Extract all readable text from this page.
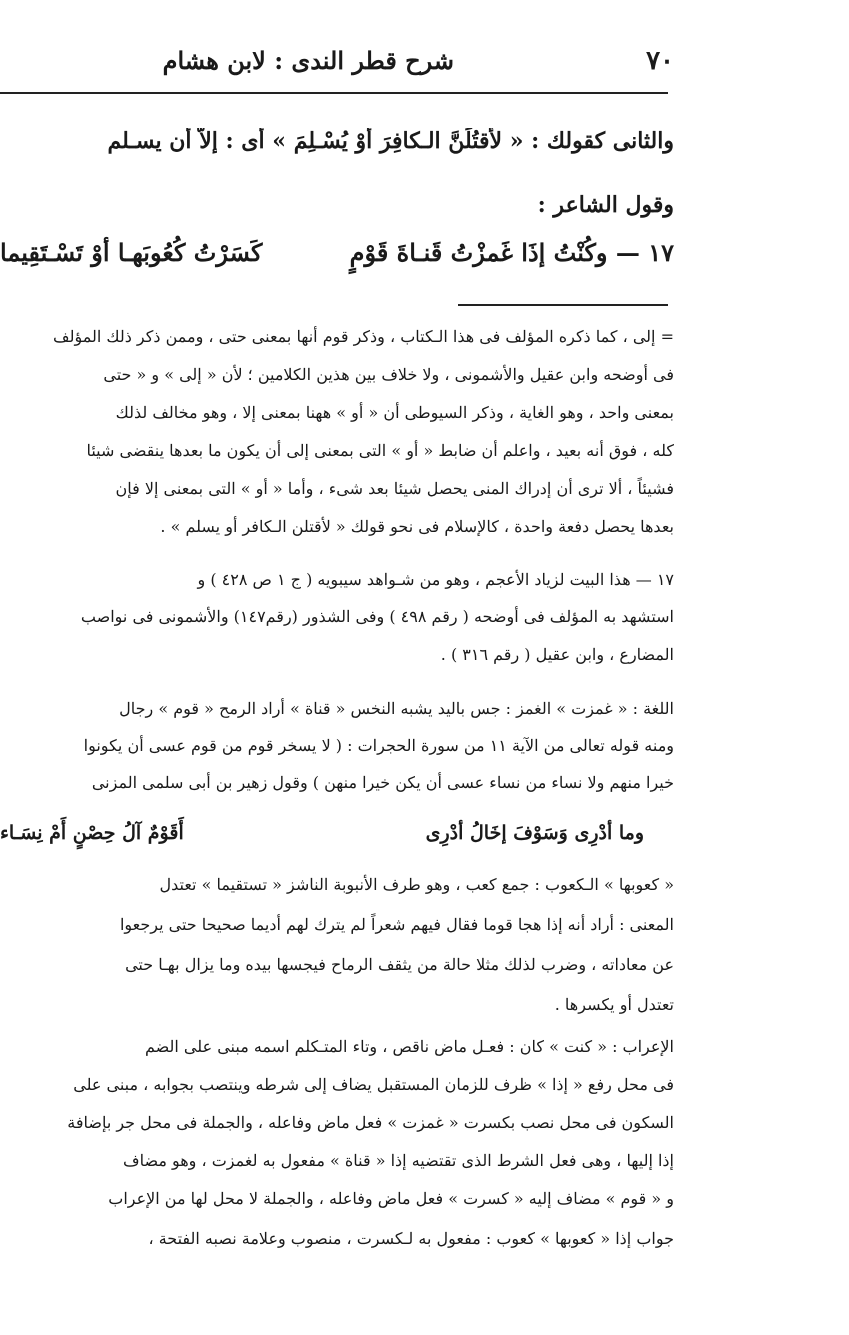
٧٠
شرح قطر الندى : لابن هشام
والثانى كقولك : « لأقتُلَنَّ الـكافِرَ أوْ يُسْـلِمَ » أى : إلاَّ أن يسـلم
وقول الشاعر :
١٧ — وكُنْتُ إذَا غَمزْتُ قَنـاةَ قَوْمٍ
كَسَرْتُ كُعُوبَهـا أوْ تَسْـتَقِيما
= إلى ، كما ذكره المؤلف فى هذا الـكتاب ، وذكر قوم أنها بمعنى حتى ، وممن ذكر ذلك المؤلف
فى أوضحه وابن عقيل والأشمونى ، ولا خلاف بين هذين الكلامين ؛ لأن « إلى » و « حتى
بمعنى واحد ، وهو الغاية ، وذكر السيوطى أن « أو » ههنا بمعنى إلا ، وهو مخالف لذلك
كله ، فوق أنه بعيد ، واعلم أن ضابط « أو » التى بمعنى إلى أن يكون ما بعدها ينقضى شيئا
فشيئاً ، ألا ترى أن إدراك المنى يحصل شيئا بعد شىء ، وأما « أو » التى بمعنى إلا فإن
بعدها يحصل دفعة واحدة ، كالإسلام فى نحو قولك « لأقتلن الـكافر أو يسلم » .
١٧ — هذا البيت لزياد الأعجم ، وهو من شـواهد سيبويه ( ج ١ ص ٤٢٨ ) و
استشهد به المؤلف فى أوضحه ( رقم ٤٩٨ ) وفى الشذور (رقم١٤٧) والأشمونى فى نواصب
المضارع ، وابن عقيل ( رقم ٣١٦ ) .
اللغة : « غمزت » الغمز : جس باليد يشبه النخس « قناة » أراد الرمح « قوم » رجال
ومنه قوله تعالى من الآية ١١ من سورة الحجرات : ( لا يسخر قوم من قوم عسى أن يكونوا
خيرا منهم ولا نساء من نساء عسى أن يكن خيرا منهن ) وقول زهير بن أبى سلمى المزنى
وما أدْرِى وَسَوْفَ إخَالُ أدْرِى
أَقَوْمٌ آلُ حِصْنٍ أَمْ نِسَـاء
« كعوبها » الـكعوب : جمع كعب ، وهو طرف الأنبوبة الناشز « تستقيما » تعتدل
المعنى : أراد أنه إذا هجا قوما فقال فيهم شعراً لم يترك لهم أديما صحيحا حتى يرجعوا
عن معاداته ، وضرب لذلك مثلا حالة من يثقف الرماح فيجسها بيده وما يزال بهـا حتى
تعتدل أو يكسرها .
الإعراب : « كنت » كان : فعـل ماض ناقص ، وتاء المتـكلم اسمه مبنى على الضم
فى محل رفع « إذا » ظرف للزمان المستقبل يضاف إلى شرطه وينتصب بجوابه ، مبنى على
السكون فى محل نصب بكسرت « غمزت » فعل ماض وفاعله ، والجملة فى محل جر بإضافة
إذا إليها ، وهى فعل الشرط الذى تقتضيه إذا « قناة » مفعول به لغمزت ، وهو مضاف
و « قوم » مضاف إليه « كسرت » فعل ماض وفاعله ، والجملة لا محل لها من الإعراب
جواب إذا « كعوبها » كعوب : مفعول به لـكسرت ، منصوب وعلامة نصبه الفتحة ،
